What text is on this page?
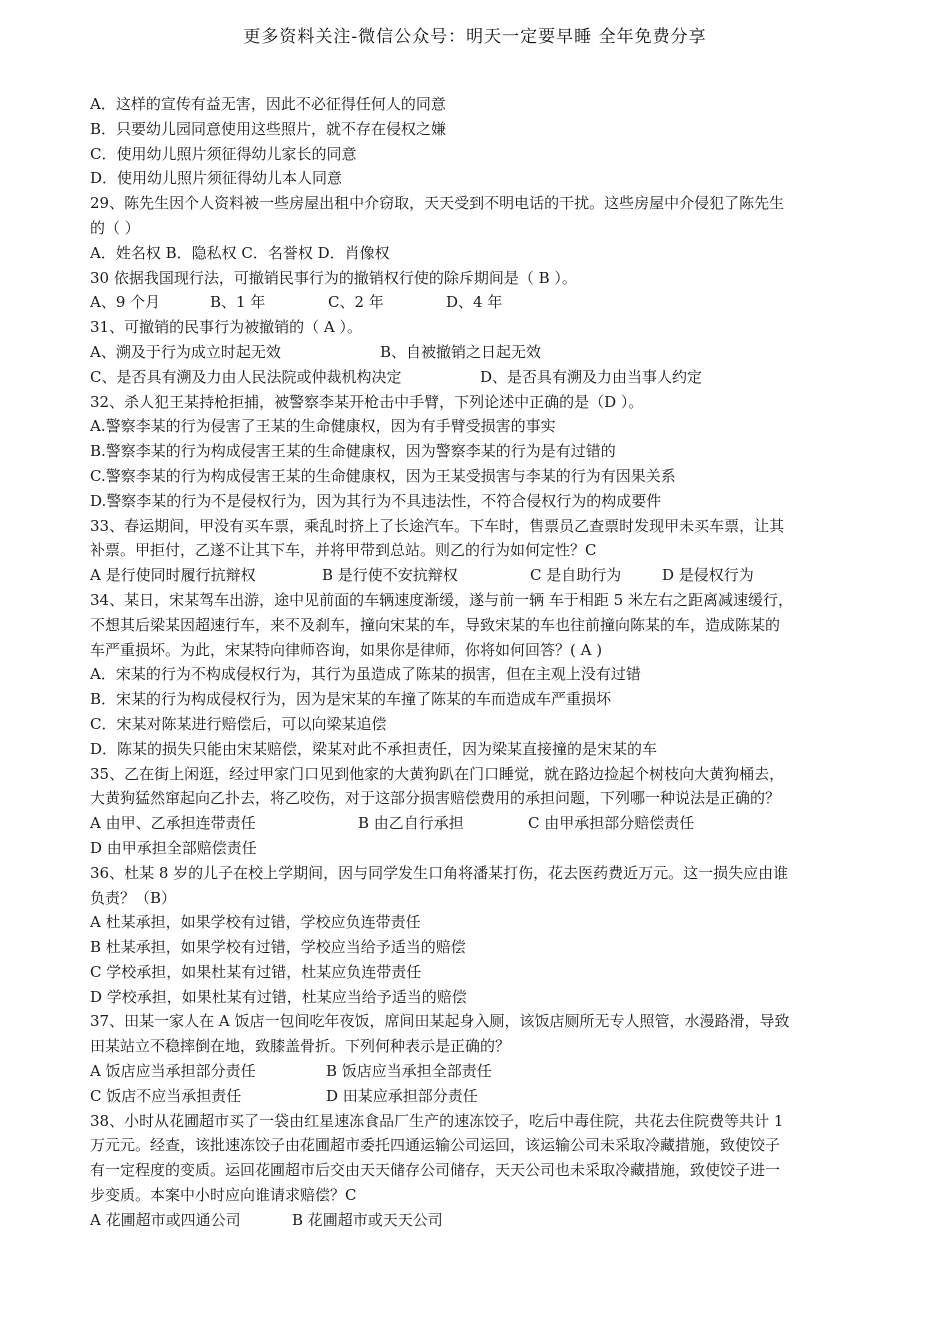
更多资料关注-微信公众号：明天一定要早睡 全年免费分享
A．这样的宣传有益无害，因此不必征得任何人的同意
B．只要幼儿园同意使用这些照片，就不存在侵权之嫌
C．使用幼儿照片须征得幼儿家长的同意
D．使用幼儿照片须征得幼儿本人同意
29、陈先生因个人资料被一些房屋出租中介窃取，天天受到不明电话的干扰。这些房屋中介侵犯了陈先生
的（ ）
A．姓名权 B．隐私权 C．名誉权 D．肖像权
30 依据我国现行法，可撤销民事行为的撤销权行使的除斥期间是（ B ）。
A、9 个月	B、1 年	C、2 年	D、4 年
31、可撤销的民事行为被撤销的（ A ）。
A、溯及于行为成立时起无效	B、自被撤销之日起无效
C、是否具有溯及力由人民法院或仲裁机构决定	D、是否具有溯及力由当事人约定
32、杀人犯王某持枪拒捕，被警察李某开枪击中手臂，下列论述中正确的是（D ）。
A.警察李某的行为侵害了王某的生命健康权，因为有手臂受损害的事实
B.警察李某的行为构成侵害王某的生命健康权，因为警察李某的行为是有过错的
C.警察李某的行为构成侵害王某的生命健康权，因为王某受损害与李某的行为有因果关系
D.警察李某的行为不是侵权行为，因为其行为不具违法性，不符合侵权行为的构成要件
33、春运期间，甲没有买车票，乘乱时挤上了长途汽车。下车时，售票员乙查票时发现甲未买车票，让其
补票。甲拒付，乙遂不让其下车，并将甲带到总站。则乙的行为如何定性？C
A 是行使同时履行抗辩权	B 是行使不安抗辩权	C 是自助行为	D 是侵权行为
34、某日，宋某驾车出游，途中见前面的车辆速度渐缓，遂与前一辆 车于相距 5 米左右之距离减速缓行，
不想其后梁某因超速行车，来不及刹车，撞向宋某的车，导致宋某的车也往前撞向陈某的车，造成陈某的
车严重损坏。为此，宋某特向律师咨询，如果你是律师，你将如何回答？( A )
A．宋某的行为不构成侵权行为，其行为虽造成了陈某的损害，但在主观上没有过错
B．宋某的行为构成侵权行为，因为是宋某的车撞了陈某的车而造成车严重损坏
C．宋某对陈某进行赔偿后，可以向梁某追偿
D．陈某的损失只能由宋某赔偿，梁某对此不承担责任，因为梁某直接撞的是宋某的车
35、乙在街上闲逛，经过甲家门口见到他家的大黄狗趴在门口睡觉，就在路边捡起个树枝向大黄狗桶去，
大黄狗猛然窜起向乙扑去，将乙咬伤，对于这部分损害赔偿费用的承担问题，下列哪一种说法是正确的？
A 由甲、乙承担连带责任	B 由乙自行承担	C 由甲承担部分赔偿责任
D 由甲承担全部赔偿责任
36、杜某 8 岁的儿子在校上学期间，因与同学发生口角将潘某打伤，花去医药费近万元。这一损失应由谁
负责？（B）
A 杜某承担，如果学校有过错，学校应负连带责任
B 杜某承担，如果学校有过错，学校应当给予适当的赔偿
C 学校承担，如果杜某有过错，杜某应负连带责任
D 学校承担，如果杜某有过错，杜某应当给予适当的赔偿
37、田某一家人在 A 饭店一包间吃年夜饭，席间田某起身入厕，该饭店厕所无专人照管，水漫路滑，导致
田某站立不稳摔倒在地，致膝盖骨折。下列何种表示是正确的？
A 饭店应当承担部分责任	B 饭店应当承担全部责任
C 饭店不应当承担责任	D 田某应承担部分责任
38、小时从花圃超市买了一袋由红星速冻食品厂生产的速冻饺子，吃后中毒住院，共花去住院费等共计 1
万元元。经查，该批速冻饺子由花圃超市委托四通运输公司运回，该运输公司未采取冷藏措施，致使饺子
有一定程度的变质。运回花圃超市后交由天天储存公司储存，天天公司也未采取冷藏措施，致使饺子进一
步变质。本案中小时应向谁请求赔偿？C
A 花圃超市或四通公司	B 花圃超市或天天公司
